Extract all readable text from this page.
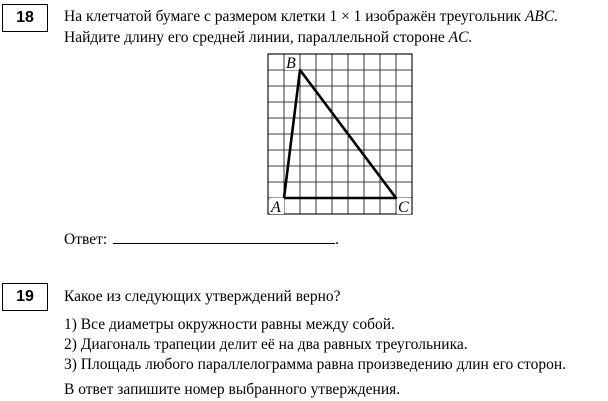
18 На клетчатой бумаге с размером клетки 1 × 1 изображён треугольник ABC.
Найдите длину его средней линии, параллельной стороне AC.
A
B
C
Ответ:	.
19 Какое из следующих утверждений верно?
1) Все диаметры окружности равны между собой.
2) Диагональ трапеции делит её на два равных треугольника.
3) Площадь любого параллелограмма равна произведению длин его сторон.
В ответ запишите номер выбранного утверждения.
